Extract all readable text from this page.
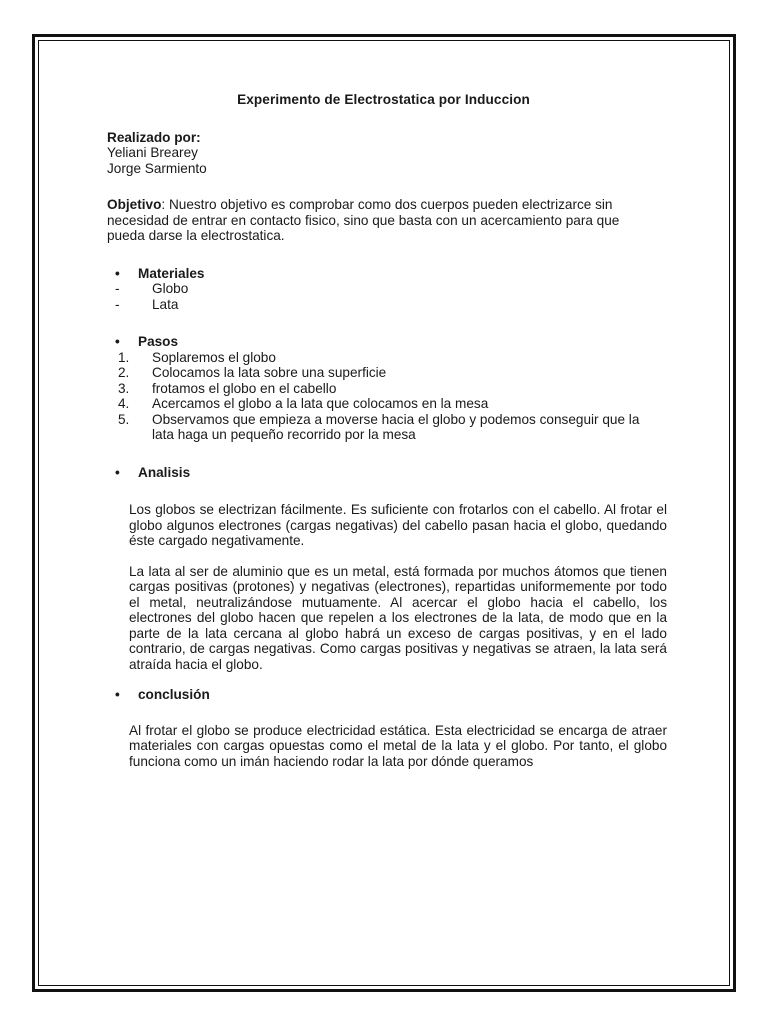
Experimento de Electrostatica por Induccion

Realizado por:

Yeliani Brearey

Jorge Sarmiento

Objetivo: Nuestro objetivo es comprobar como dos cuerpos pueden electrizarce sin necesidad de entrar en contacto fisico, sino que basta con un acercamiento para que pueda darse la electrostatica.

• Materiales
- Globo
- Lata
• Pasos
1. Soplaremos el globo
2. Colocamos la lata sobre una superficie
3. frotamos el globo en el cabello
4. Acercamos el globo a la lata que colocamos en la mesa
5. Observamos que empieza a moverse hacia el globo y podemos conseguir que la lata haga un pequeño recorrido por la mesa
• Analisis

Los globos se electrizan fácilmente. Es suficiente con frotarlos con el cabello. Al frotar el globo algunos electrones (cargas negativas) del cabello pasan hacia el globo, quedando éste cargado negativamente.

La lata al ser de aluminio que es un metal, está formada por muchos átomos que tienen cargas positivas (protones) y negativas (electrones), repartidas uniformemente por todo el metal, neutralizándose mutuamente. Al acercar el globo hacia el cabello, los electrones del globo hacen que repelen a los electrones de la lata, de modo que en la parte de la lata cercana al globo habrá un exceso de cargas positivas, y en el lado contrario, de cargas negativas. Como cargas positivas y negativas se atraen, la lata será atraída hacia el globo.

• conclusión

Al frotar el globo se produce electricidad estática. Esta electricidad se encarga de atraer materiales con cargas opuestas como el metal de la lata y el globo. Por tanto, el globo funciona como un imán haciendo rodar la lata por dónde queramos
